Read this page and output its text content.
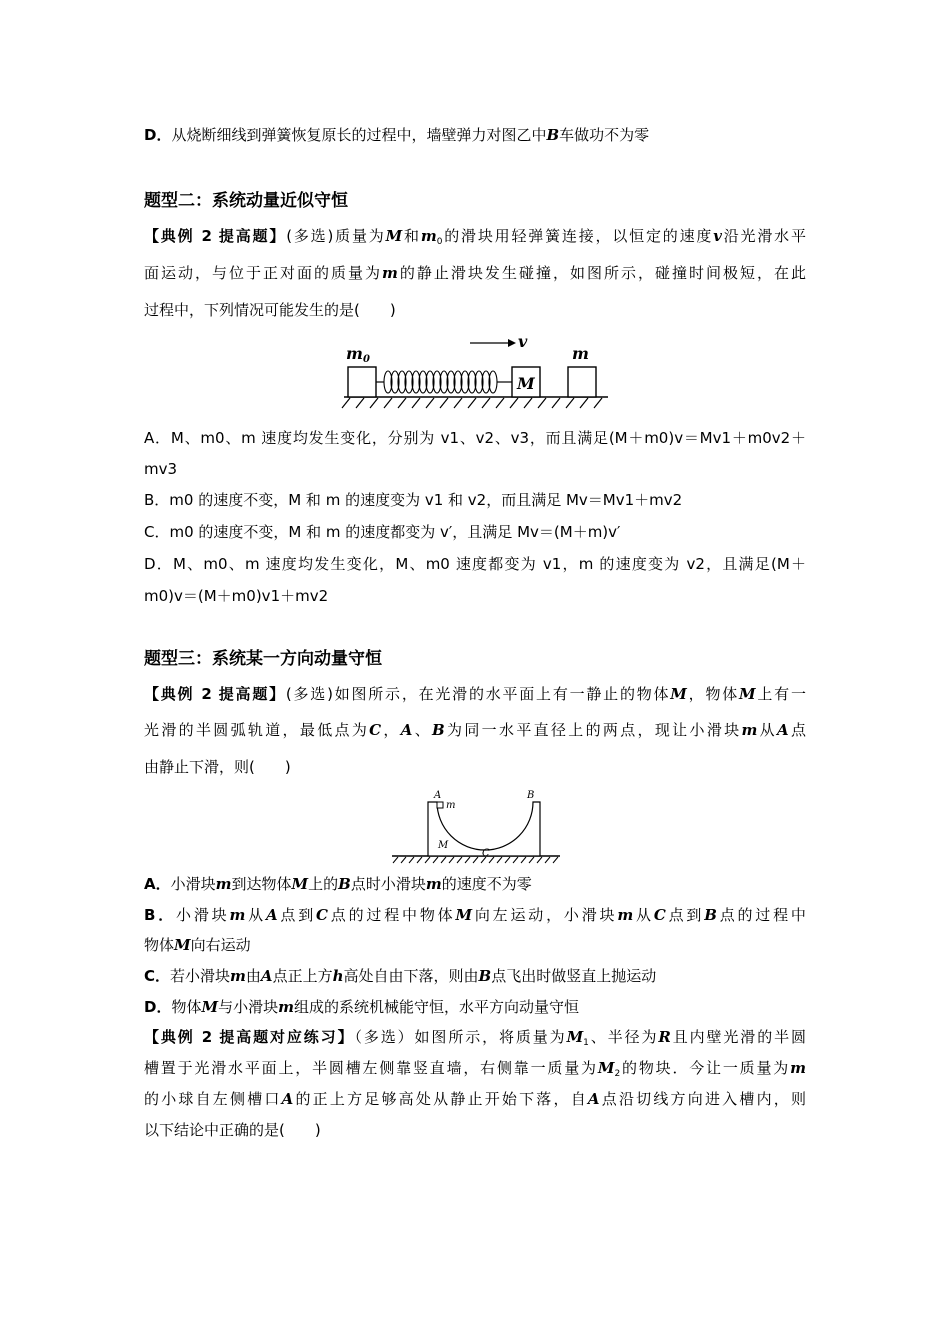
D．从烧断细线到弹簧恢复原长的过程中，墙壁弹力对图乙中B车做功不为零
题型二：系统动量近似守恒
【典例 2 提高题】(多选)质量为M和$m_0$的滑块用轻弹簧连接，以恒定的速度v沿光滑水平
面运动，与位于正对面的质量为m的静止滑块发生碰撞，如图所示，碰撞时间极短，在此
过程中，下列情况可能发生的是(　　)
m0
M
v
m
A．M、m0、m 速度均发生变化，分别为 v1、v2、v3，而且满足(M＋m0)v＝Mv1＋m0v2＋
mv3
B．m0 的速度不变，M 和 m 的速度变为 v1 和 v2，而且满足 Mv＝Mv1＋mv2
C．m0 的速度不变，M 和 m 的速度都变为 v′，且满足 Mv＝(M＋m)v′
D．M、m0、m 速度均发生变化，M、m0 速度都变为 v1，m 的速度变为 v2，且满足(M＋
m0)v＝(M＋m0)v1＋mv2
题型三：系统某一方向动量守恒
【典例 2 提高题】(多选)如图所示，在光滑的水平面上有一静止的物体M，物体M上有一
光滑的半圆弧轨道，最低点为C，A、B为同一水平直径上的两点，现让小滑块m从A点
由静止下滑，则(　　)
A
m
B
M
C
A．小滑块m到达物体M上的B点时小滑块m的速度不为零
B．小滑块m从A点到C点的过程中物体M向左运动，小滑块m从C点到B点的过程中
物体M向右运动
C．若小滑块m由A点正上方h高处自由下落，则由B点飞出时做竖直上抛运动
D．物体M与小滑块m组成的系统机械能守恒，水平方向动量守恒
【典例 2 提高题对应练习】（多选）如图所示，将质量为$M_1$、半径为R且内壁光滑的半圆
槽置于光滑水平面上，半圆槽左侧靠竖直墙，右侧靠一质量为$M_2$的物块．今让一质量为m
的小球自左侧槽口A的正上方足够高处从静止开始下落，自A点沿切线方向进入槽内，则
以下结论中正确的是(　　)
